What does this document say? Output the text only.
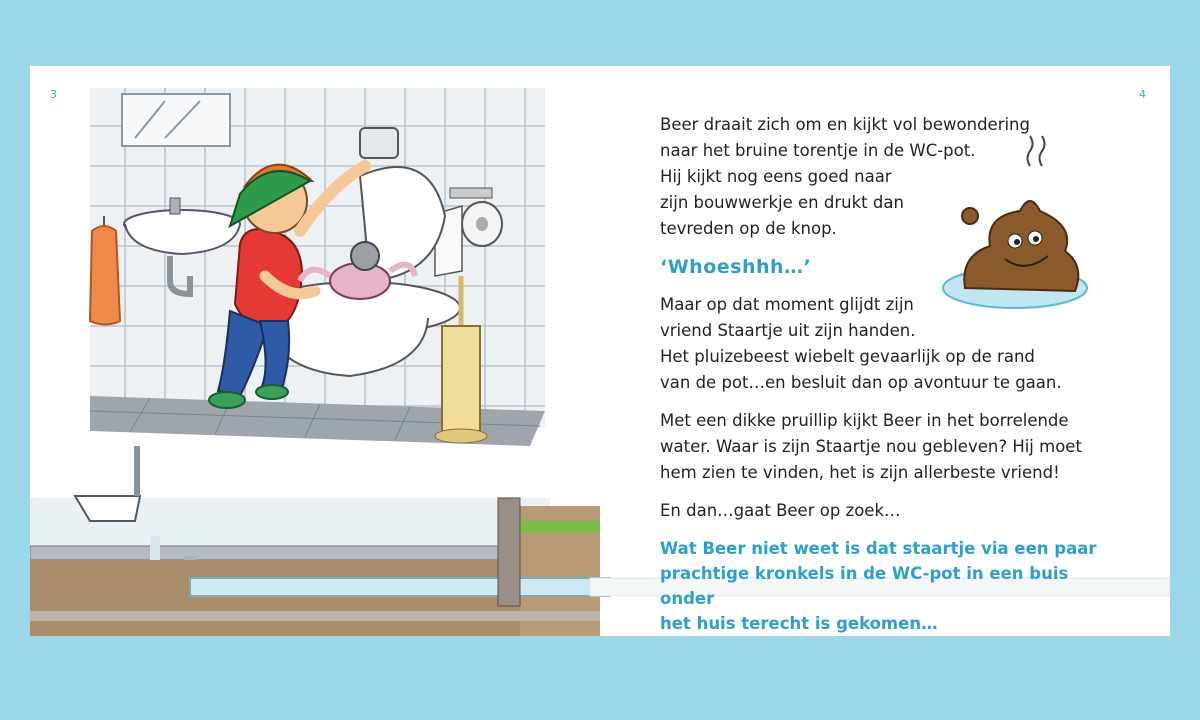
3	4

Beer draait zich om en kijkt vol bewondering
naar het bruine torentje in de WC-pot.
Hij kijkt nog eens goed naar
zijn bouwwerkje en drukt dan
tevreden op de knop.

‘Whoeshhh…’

Maar op dat moment glijdt zijn
vriend Staartje uit zijn handen.
Het pluizebeest wiebelt gevaarlijk op de rand
van de pot…en besluit dan op avontuur te gaan.

Met een dikke pruillip kijkt Beer in het borrelende
water. Waar is zijn Staartje nou gebleven? Hij moet
hem zien te vinden, het is zijn allerbeste vriend!

En dan…gaat Beer op zoek…

Wat Beer niet weet is dat staartje via een paar
prachtige kronkels in de WC-pot in een buis onder
het huis terecht is gekomen…
